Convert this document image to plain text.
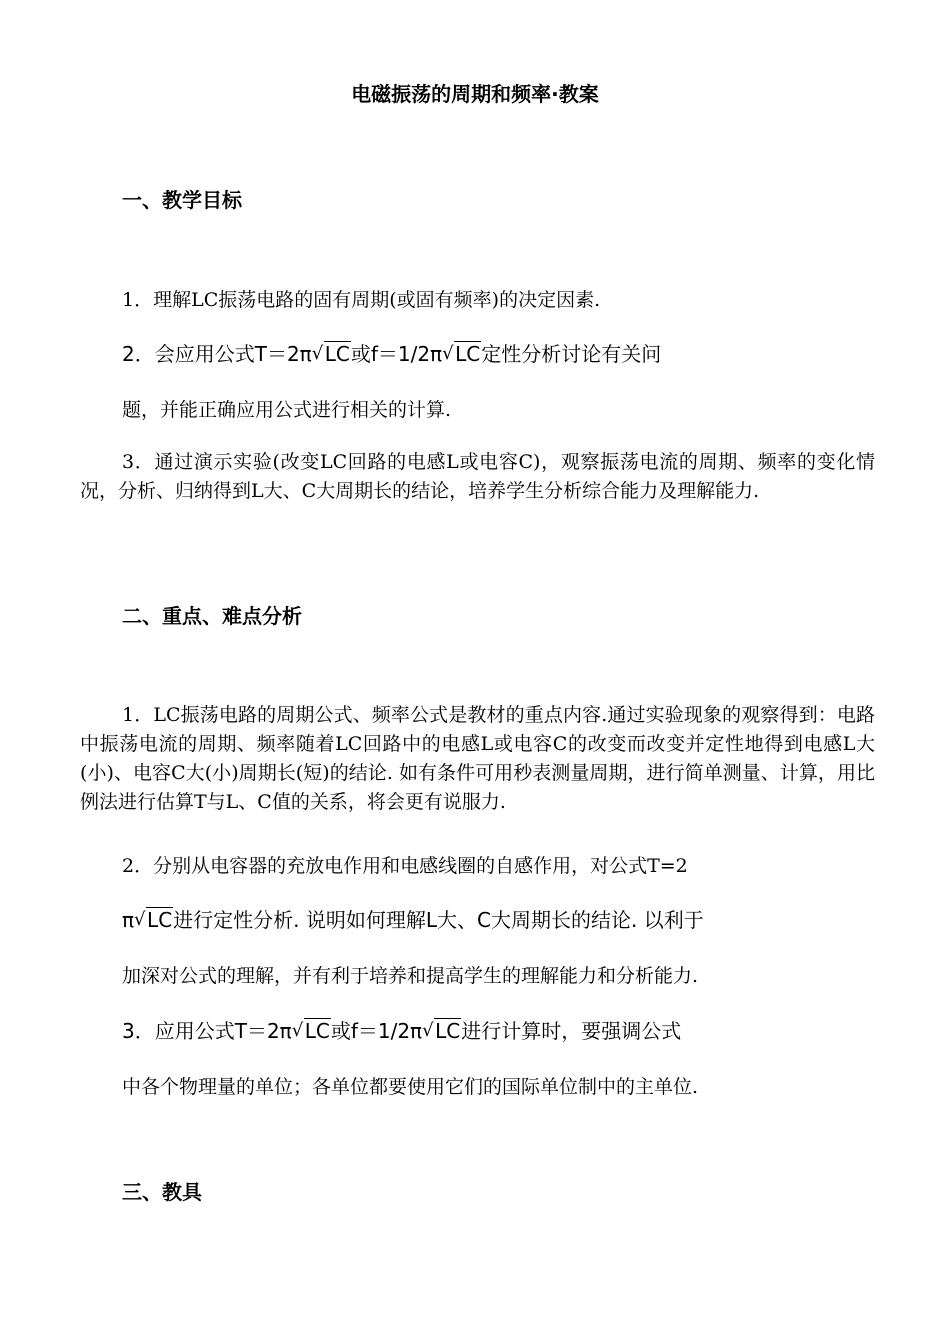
电磁振荡的周期和频率·教案
一、教学目标
1．理解LC振荡电路的固有周期(或固有频率)的决定因素.
2．会应用公式T＝2π √ LC或f＝1/2π √ LC定性分析讨论有关问
题，并能正确应用公式进行相关的计算.
3．通过演示实验(改变LC回路的电感L或电容C)，观察振荡电流的周期、频率的变化情况，分析、归纳得到L大、C大周期长的结论，培养学生分析综合能力及理解能力.
二、重点、难点分析
1．LC振荡电路的周期公式、频率公式是教材的重点内容.通过实验现象的观察得到：电路中振荡电流的周期、频率随着LC回路中的电感L或电容C的改变而改变并定性地得到电感L大(小)、电容C大(小)周期长(短)的结论. 如有条件可用秒表测量周期，进行简单测量、计算，用比例法进行估算T与L、C值的关系，将会更有说服力.
2．分别从电容器的充放电作用和电感线圈的自感作用，对公式T=2
π √ LC进行定性分析. 说明如何理解L大、C大周期长的结论. 以利于
加深对公式的理解，并有利于培养和提高学生的理解能力和分析能力.
3．应用公式T＝2π √ LC或f＝1/2π √ LC进行计算时，要强调公式
中各个物理量的单位；各单位都要使用它们的国际单位制中的主单位.
三、教具
